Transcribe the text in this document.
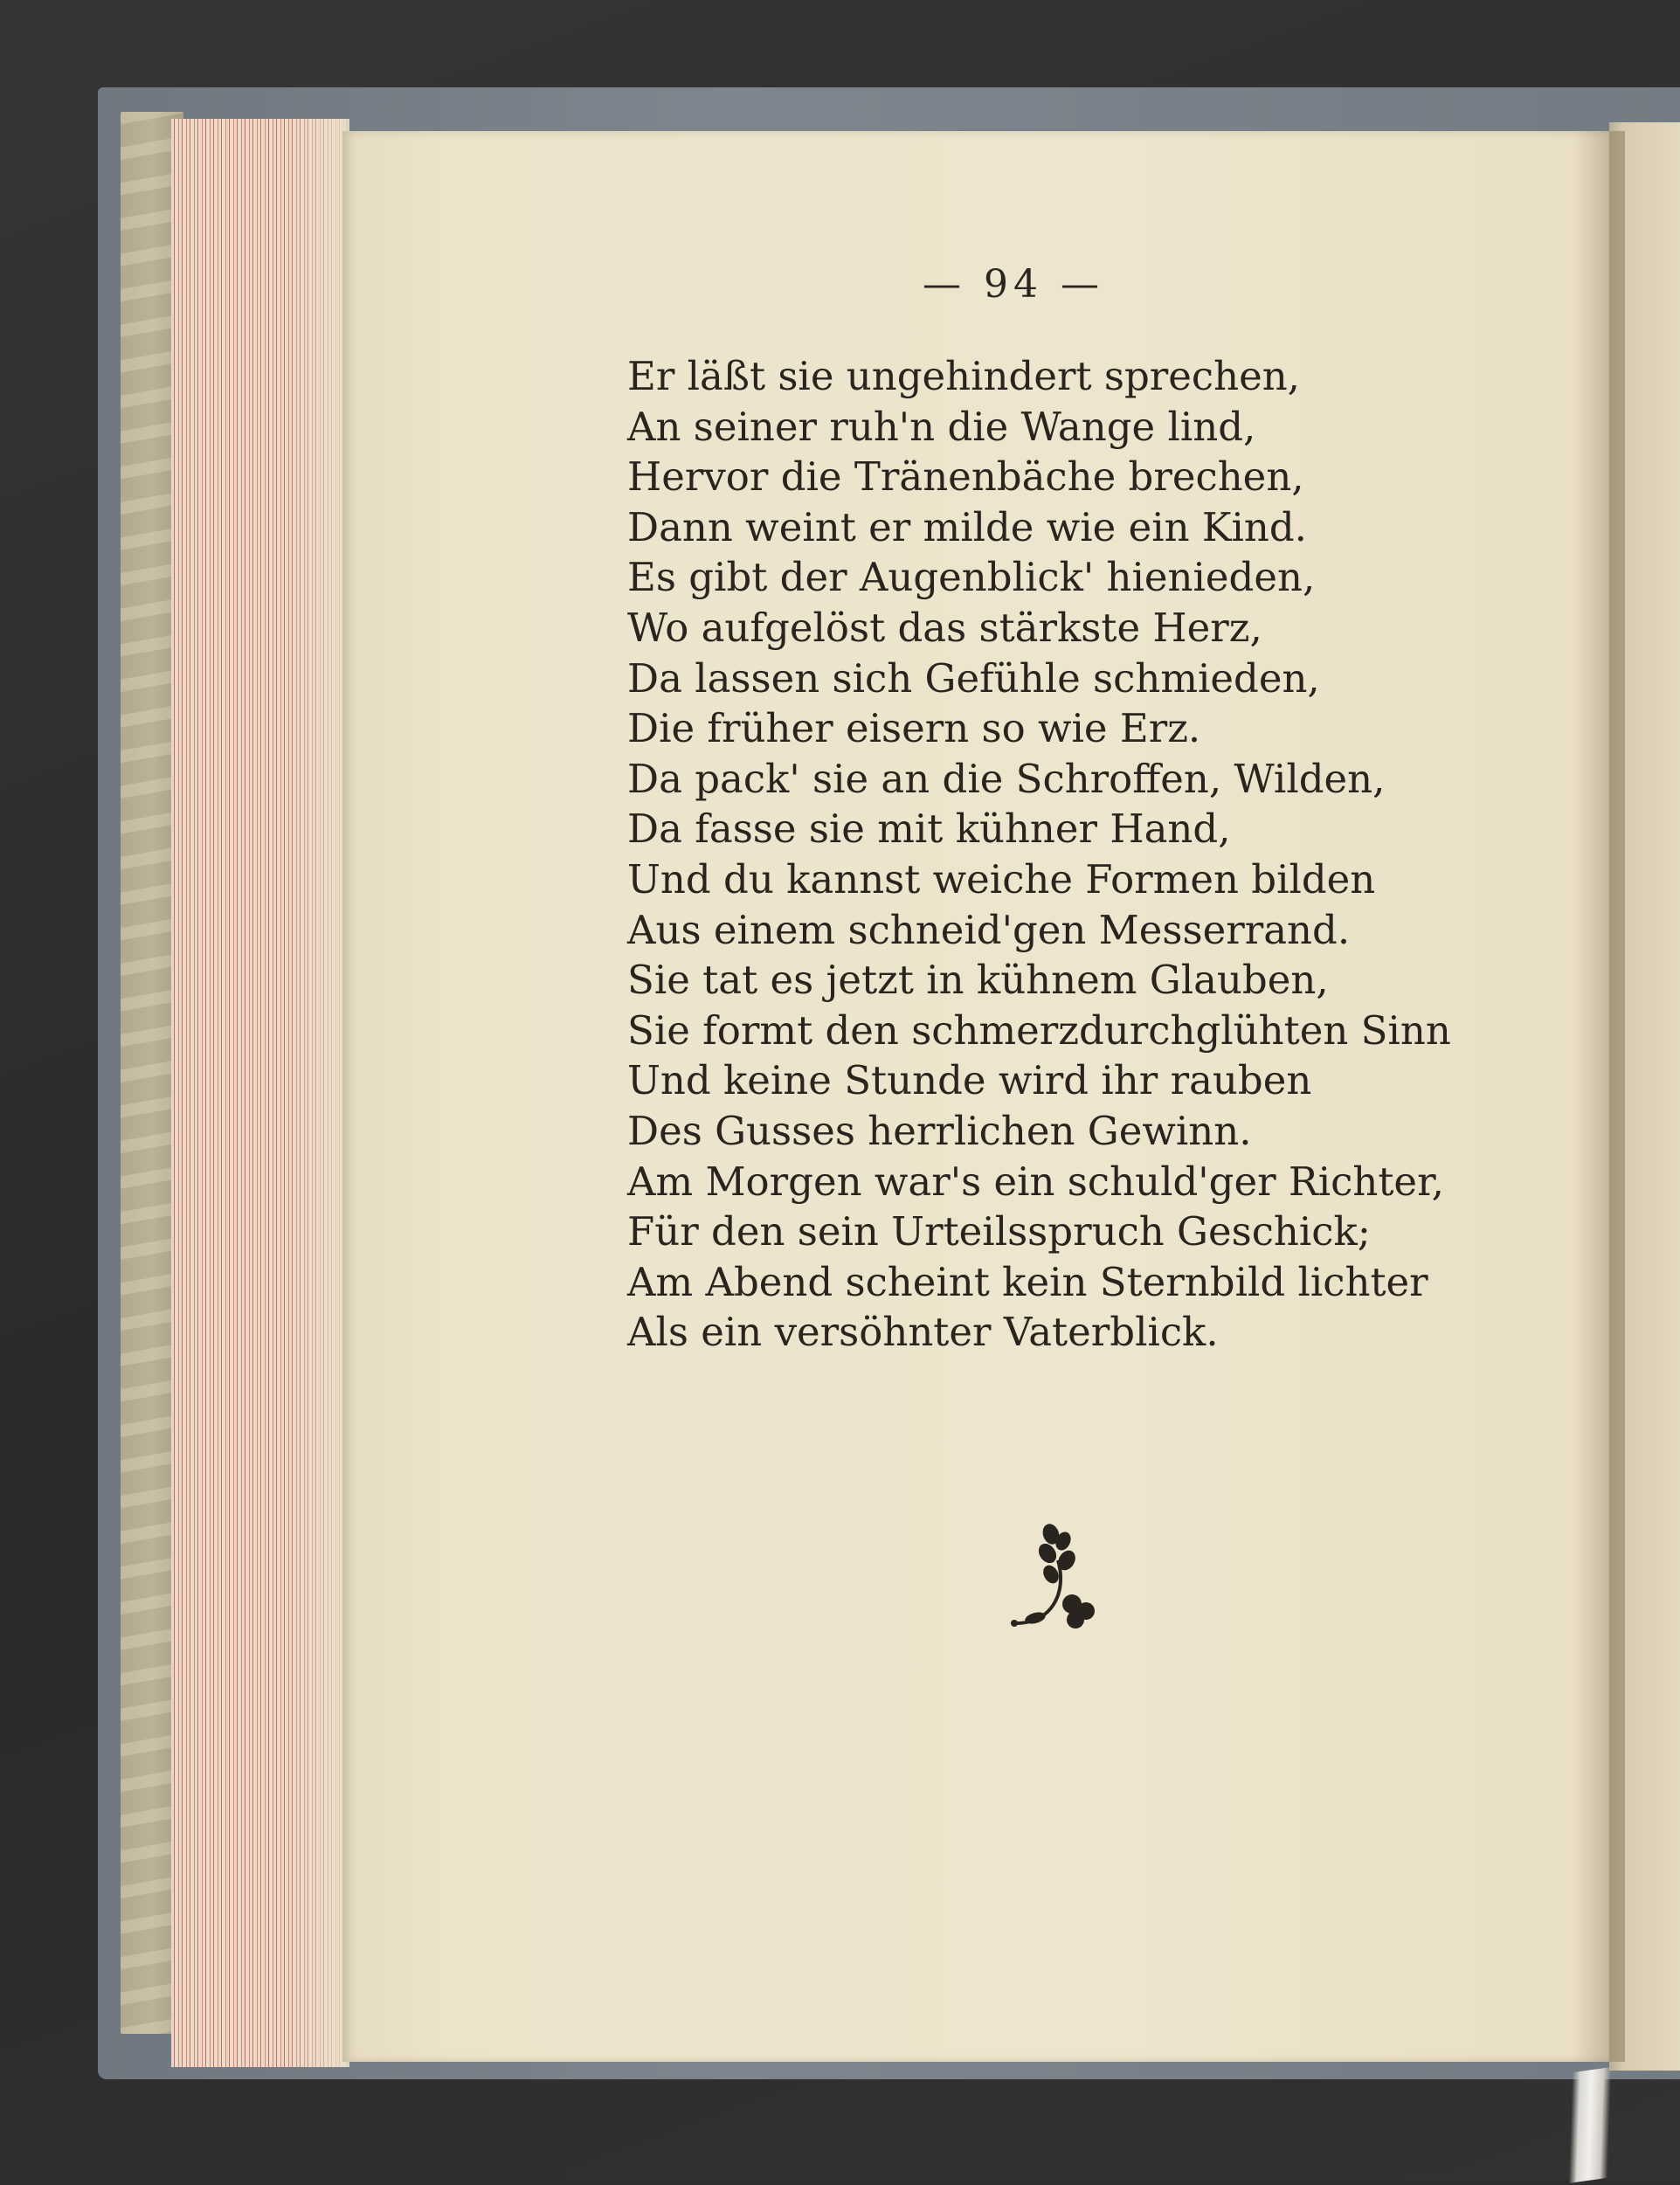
— 94 —
Er läßt sie ungehindert sprechen,
An seiner ruh'n die Wange lind,
Hervor die Tränenbäche brechen,
Dann weint er milde wie ein Kind.
Es gibt der Augenblick' hienieden,
Wo aufgelöst das stärkste Herz,
Da lassen sich Gefühle schmieden,
Die früher eisern so wie Erz.
Da pack' sie an die Schroffen, Wilden,
Da fasse sie mit kühner Hand,
Und du kannst weiche Formen bilden
Aus einem schneid'gen Messerrand.
Sie tat es jetzt in kühnem Glauben,
Sie formt den schmerzdurchglühten Sinn
Und keine Stunde wird ihr rauben
Des Gusses herrlichen Gewinn.
Am Morgen war's ein schuld'ger Richter,
Für den sein Urteilsspruch Geschick;
Am Abend scheint kein Sternbild lichter
Als ein versöhnter Vaterblick.
